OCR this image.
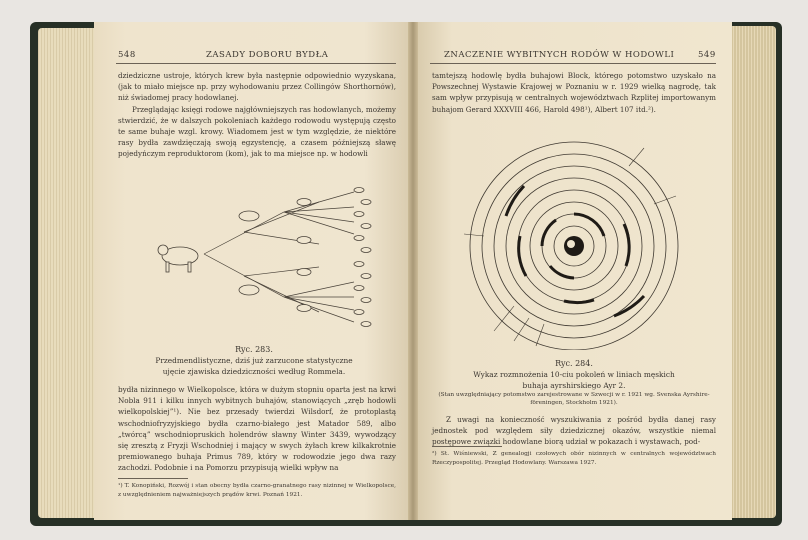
548	ZASADY DOBORU BYDŁA

dziedziczne ustroje, których krew była następnie odpowiednio wyzyskana, (jak to miało miejsce np. przy wyhodowaniu przez Collingów Shorthornów), niż świadomej pracy hodowlanej.

Przeglądając księgi rodowe najgłówniejszych ras hodowlanych, możemy stwierdzić, że w dalszych pokoleniach każdego rodowodu występują często te same buhaje wzgl. krowy. Wiadomem jest w tym względzie, że niektóre rasy bydła zawdzięczają swoją egzystencję, a czasem późniejszą sławę pojedyńczym reproduktorom (kom), jak to ma miejsce np. w hodowli

Ryc. 283.
Przedmendlistyczne, dziś już zarzucone statystyczne ujęcie zjawiska dziedziczności według Rommela.

bydła nizinnego w Wielkopolsce, która w dużym stopniu oparta jest na krwi Nobla 911 i kilku innych wybitnych buhajów, stanowiących „zręb hodowli wielkopolskiej”¹). Nie bez przesady twierdzi Wilsdorf, że protoplastą wschodniofryzyjskiego bydła czarno-białego jest Matador 589, albo „twórcą” wschodniopruskich holendrów sławny Winter 3439, wywodzący się zresztą z Fryzji Wschodniej i mający w swych żyłach krew kilkakrotnie premiowanego buhaja Primus 789, który w rodowodzie jego dwa razy zachodzi. Podobnie i na Pomorzu przypisują wielki wpływ na

¹) T. Konopiński, Rozwój i stan obecny bydła czarno-granatnego rasy nizinnej w Wielkopolsce, z uwzględnieniem najważniejszych prądów krwi. Poznań 1921.
ZNACZENIE WYBITNYCH RODÓW W HODOWLI	549

tamtejszą hodowlę bydła buhajowi Block, którego potomstwo uzyskało na Powszechnej Wystawie Krajowej w Poznaniu w r. 1929 wielką nagrodę, tak sam wpływ przypisują w centralnych województwach Rzplitej importowanym buhajom Gerard XXXVIII 466, Harold 498¹), Albert 107 itd.²).

Ryc. 284.
Wykaz rozmnożenia 10-ciu pokoleń w liniach męskich buhaja ayrshirskiego Ayr 2.
(Stan uwzględniający potomstwo zarejestrowane w Szwecji w r. 1921 wg. Svenska Ayrshire-föreningen, Stockholm 1921).

Z uwagi na konieczność wyszukiwania z pośród bydła danej rasy jednostek pod względem siły dziedzicznej okazów, wszystkie niemal postępowe związki hodowlane biorą udział w pokazach i wystawach, pod-

²) St. Wiśniewski, Z genealogji czołowych obór nizinnych w centralnych województwach Rzeczypospolitej. Przegląd Hodowlany. Warszawa 1927.
